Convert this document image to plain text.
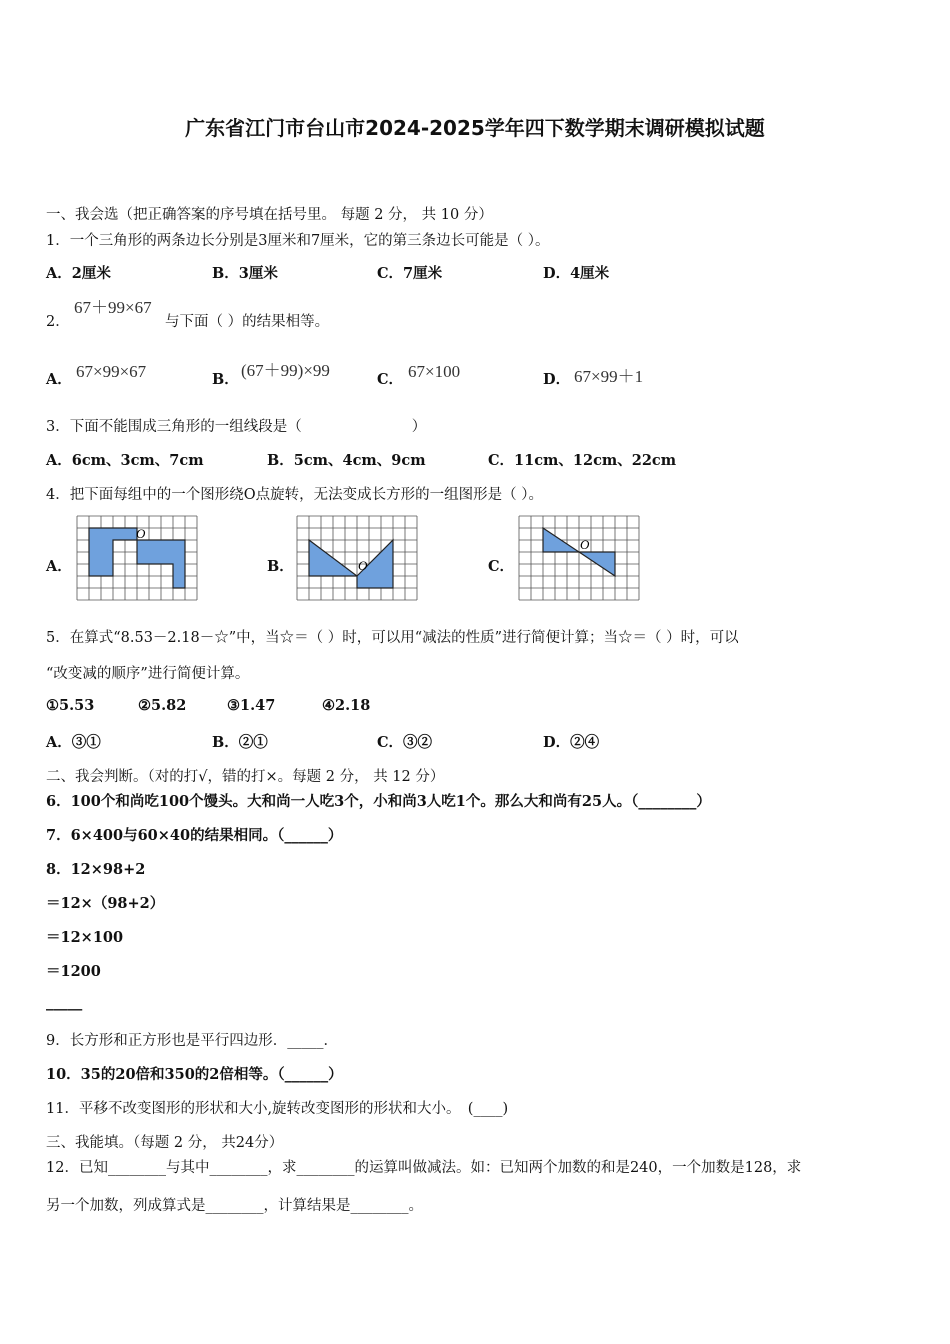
广东省江门市台山市2024-2025学年四下数学期末调研模拟试题
一、我会选（把正确答案的序号填在括号里。 每题 2 分， 共 10 分）
1．一个三角形的两条边长分别是3厘米和7厘米，它的第三条边长可能是（ ）。
A．2厘米	B．3厘米	C．7厘米	D．4厘米
2．
67＋99×67
与下面（ ）的结果相等。
A． 67×99×67	B． (67＋99)×99	C． 67×100	D． 67×99＋1
3．下面不能围成三角形的一组线段是（	）
A．6cm、3cm、7cm	B．5cm、4cm、9cm	C．11cm、12cm、22cm
4．把下面每组中的一个图形绕O点旋转，无法变成长方形的一组图形是（ ）。
A．
O
B．	O	C．
O
5．在算式“8.53－2.18－☆”中，当☆＝（ ）时，可以用“减法的性质”进行简便计算；当☆＝（ ）时，可以
“改变减的顺序”进行简便计算。
①5.53	②5.82	③1.47	④2.18
A．③①	B．②①	C．③②	D．②④
二、我会判断。（对的打√，错的打×。每题 2 分， 共 12 分）
6．100个和尚吃100个馒头。大和尚一人吃3个，小和尚3人吃1个。那么大和尚有25人。（________）
7．6×400与60×40的结果相同。（______）
8．12×98+2
＝12×（98+2）
＝12×100
＝1200
_____
9．长方形和正方形也是平行四边形．_____．
10．35的20倍和350的2倍相等。（______）
11．平移不改变图形的形状和大小,旋转改变图形的形状和大小。　(____)
三、我能填。（每题 2 分， 共24分）
12．已知________与其中________，求________的运算叫做减法。如：已知两个加数的和是240，一个加数是128，求
另一个加数，列成算式是________，计算结果是________。
